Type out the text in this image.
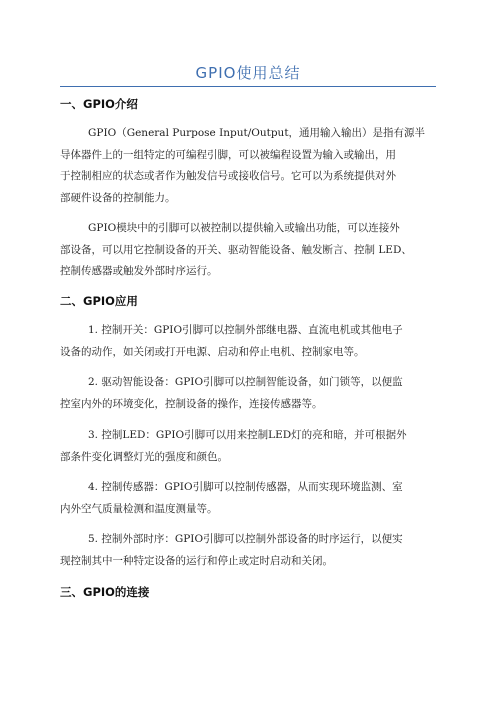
GPIO使用总结
一、GPIO介绍
GPIO（General Purpose Input/Output，通用输入输出）是指有源半
导体器件上的一组特定的可编程引脚，可以被编程设置为输入或输出，用
于控制相应的状态或者作为触发信号或接收信号。它可以为系统提供对外
部硬件设备的控制能力。
GPIO模块中的引脚可以被控制以提供输入或输出功能，可以连接外
部设备，可以用它控制设备的开关、驱动智能设备、触发断言、控制 LED、
控制传感器或触发外部时序运行。
二、GPIO应用
1. 控制开关：GPIO引脚可以控制外部继电器、直流电机或其他电子
设备的动作，如关闭或打开电源、启动和停止电机、控制家电等。
2. 驱动智能设备：GPIO引脚可以控制智能设备，如门锁等，以便监
控室内外的环境变化，控制设备的操作，连接传感器等。
3. 控制LED：GPIO引脚可以用来控制LED灯的亮和暗，并可根据外
部条件变化调整灯光的强度和颜色。
4. 控制传感器：GPIO引脚可以控制传感器，从而实现环境监测、室
内外空气质量检测和温度测量等。
5. 控制外部时序：GPIO引脚可以控制外部设备的时序运行，以便实
现控制其中一种特定设备的运行和停止或定时启动和关闭。
三、GPIO的连接
